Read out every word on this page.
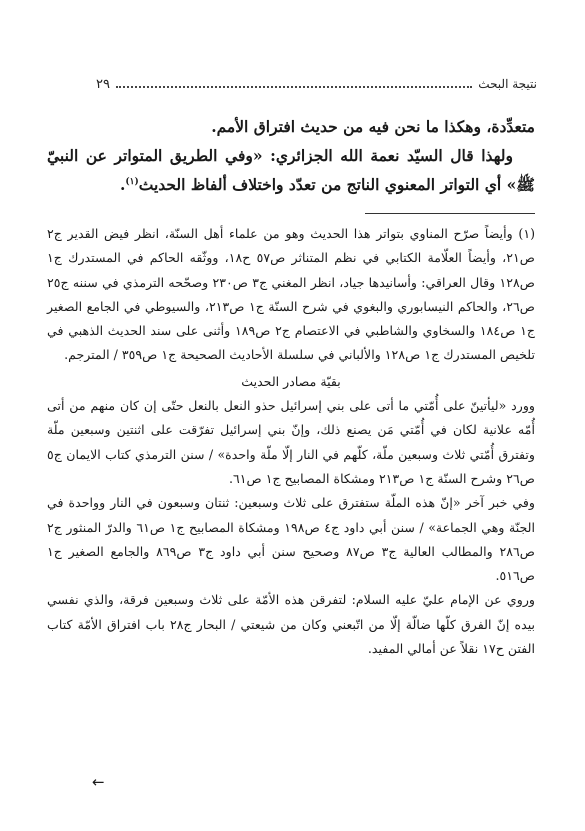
نتيجة البحث
٢٩

متعدِّدة، وهكذا ما نحن فيه من حديث افتراق الأمم.

ولهذا قال السيّد نعمة الله الجزائري: «وفي الطريق المتواتر عن النبيّ ﷺ» أي التواتر المعنوي الناتج من تعدّد واختلاف ألفاظ الحديث$^{(١)}$.

(١) وأيضاً صرّح المناوي بتواتر هذا الحديث وهو من علماء أهل السنّة، انظر فيض القدير ج٢ ص٢١، وأيضاً العلّامة الكتابي في نظم المتناثر ص٥٧ ح١٨، ووثّقه الحاكم في المستدرك ج١ ص١٢٨ وقال العراقي: وأسانيدها جياد، انظر المغني ج٣ ص٢٣٠ وصحّحه الترمذي في سننه ج٢٥ ص٢٦، والحاكم النيسابوري والبغوي في شرح السنّة ج١ ص٢١٣، والسيوطي في الجامع الصغير ج١ ص١٨٤ والسخاوي والشاطبي في الاعتصام ج٢ ص١٨٩ وأثنى على سند الحديث الذهبي في تلخيص المستدرك ج١ ص١٢٨ والألباني في سلسلة الأحاديث الصحيحة ج١ ص٣٥٩ / المترجم.

بقيّة مصادر الحديث

وورد «ليأتينّ على أُمّتي ما أتى على بني إسرائيل حذو النعل بالنعل حتّى إن كان منهم من أتى أُمّه علانية لكان في أُمّتي مَن يصنع ذلك، وإنّ بني إسرائيل تفرّقت على اثنتين وسبعين ملّة وتفترق أُمّتي ثلاث وسبعين ملّة، كلّهم في النار إلّا ملّة واحدة» / سنن الترمذي كتاب الايمان ج٥ ص٢٦ وشرح السنّة ج١ ص٢١٣ ومشكاة المصابيح ج١ ص٦١.

وفي خبر آخر «إنّ هذه الملّة ستفترق على ثلاث وسبعين: ثنتان وسبعون في النار وواحدة في الجنّة وهي الجماعة» / سنن أبي داود ج٤ ص١٩٨ ومشكاة المصابيح ج١ ص٦١ والدرّ المنثور ج٢ ص٢٨٦ والمطالب العالية ج٣ ص٨٧ وصحيح سنن أبي داود ج٣ ص٨٦٩ والجامع الصغير ج١ ص٥١٦.

وروي عن الإمام عليّ عليه السلام: لتفرقن هذه الأمّة على ثلاث وسبعين فرقة، والذي نفسي بيده إنّ الفرق كلّها ضالّة إلّا من اتّبعني وكان من شيعتي / البحار ج٢٨ باب افتراق الأمّة كتاب الفتن ح١٧ نقلاً عن أمالي المفيد.

←
